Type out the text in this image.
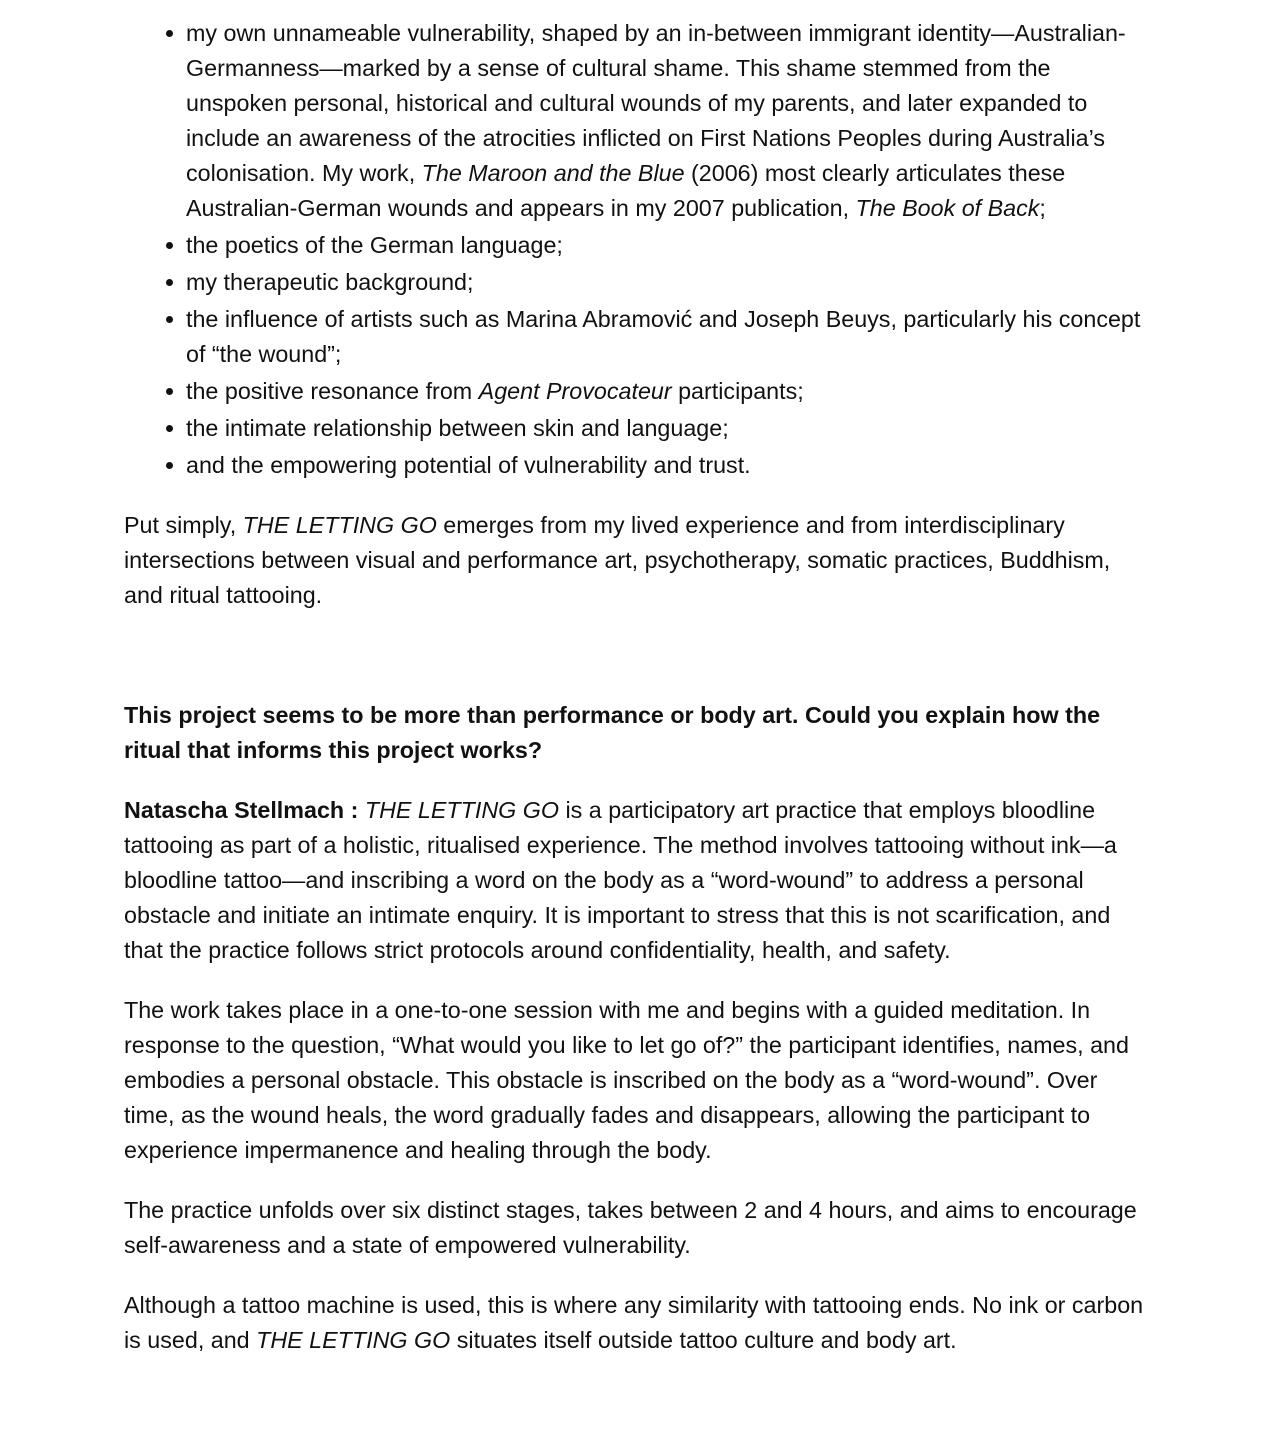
my own unnameable vulnerability, shaped by an in-between immigrant identity—Australian-Germanness—marked by a sense of cultural shame. This shame stemmed from the unspoken personal, historical and cultural wounds of my parents, and later expanded to include an awareness of the atrocities inflicted on First Nations Peoples during Australia’s colonisation. My work, The Maroon and the Blue (2006) most clearly articulates these Australian-German wounds and appears in my 2007 publication, The Book of Back;
the poetics of the German language;
my therapeutic background;
the influence of artists such as Marina Abramović and Joseph Beuys, particularly his concept of “the wound”;
the positive resonance from Agent Provocateur participants;
the intimate relationship between skin and language;
and the empowering potential of vulnerability and trust.

Put simply, THE LETTING GO emerges from my lived experience and from interdisciplinary intersections between visual and performance art, psychotherapy, somatic practices, Buddhism, and ritual tattooing.

This project seems to be more than performance or body art. Could you explain how the ritual that informs this project works?

Natascha Stellmach : THE LETTING GO is a participatory art practice that employs bloodline tattooing as part of a holistic, ritualised experience. The method involves tattooing without ink—a bloodline tattoo—and inscribing a word on the body as a “word-wound” to address a personal obstacle and initiate an intimate enquiry. It is important to stress that this is not scarification, and that the practice follows strict protocols around confidentiality, health, and safety.

The work takes place in a one-to-one session with me and begins with a guided meditation. In response to the question, “What would you like to let go of?” the participant identifies, names, and embodies a personal obstacle. This obstacle is inscribed on the body as a “word-wound”. Over time, as the wound heals, the word gradually fades and disappears, allowing the participant to experience impermanence and healing through the body.

The practice unfolds over six distinct stages, takes between 2 and 4 hours, and aims to encourage self-awareness and a state of empowered vulnerability.

Although a tattoo machine is used, this is where any similarity with tattooing ends. No ink or carbon is used, and THE LETTING GO situates itself outside tattoo culture and body art.
